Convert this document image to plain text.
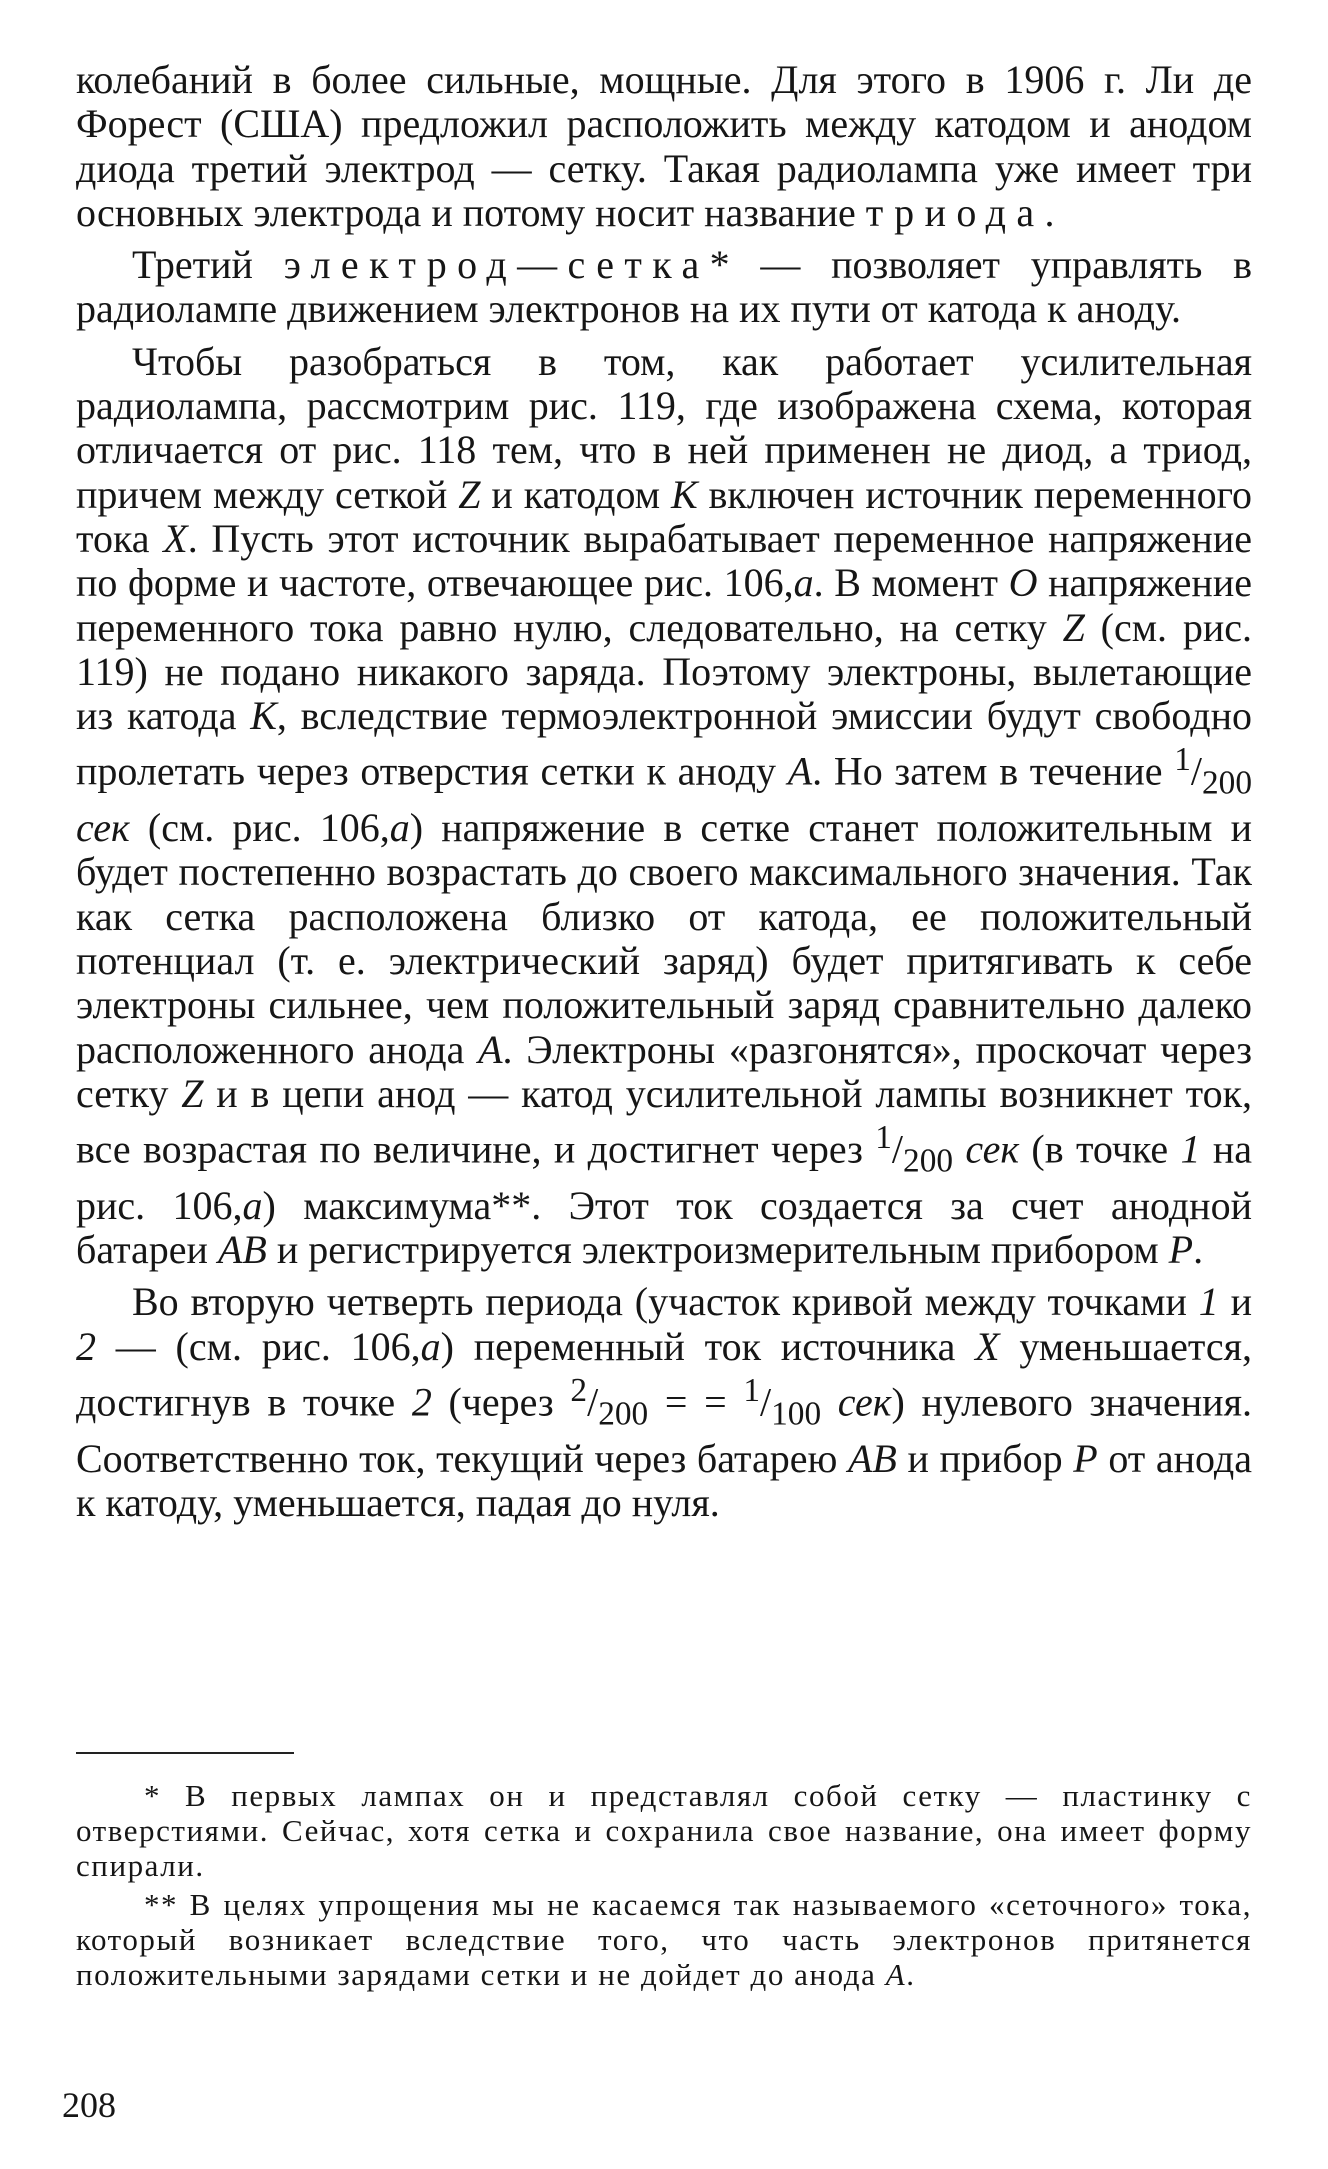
колебаний в более сильные, мощные. Для этого в 1906 г. Ли де Форест (США) предложил расположить между катодом и анодом диода третий электрод — сетку. Такая радиолампа уже имеет три основных электрода и потому носит название триода.

Третий электрод—сетка* — позволяет управлять в радиолампе движением электронов на их пути от катода к аноду.

Чтобы разобраться в том, как работает усилительная радиолампа, рассмотрим рис. 119, где изображена схема, которая отличается от рис. 118 тем, что в ней применен не диод, а триод, причем между сеткой Z и катодом К включен источник переменного тока X. Пусть этот источник вырабатывает переменное напряжение по форме и частоте, отвечающее рис. 106,а. В момент О напряжение переменного тока равно нулю, следовательно, на сетку Z (см. рис. 119) не подано никакого заряда. Поэтому электроны, вылетающие из катода К, вследствие термоэлектронной эмиссии будут свободно пролетать через отверстия сетки к аноду А. Но затем в течение $^1/_{200}$ сек (см. рис. 106,а) напряжение в сетке станет положительным и будет постепенно возрастать до своего максимального значения. Так как сетка расположена близко от катода, ее положительный потенциал (т. е. электрический заряд) будет притягивать к себе электроны сильнее, чем положительный заряд сравнительно далеко расположенного анода А. Электроны «разгонятся», проскочат через сетку Z и в цепи анод — катод усилительной лампы возникнет ток, все возрастая по величине, и достигнет через $^1/_{200}$ сек (в точке 1 на рис. 106,а) максимума**. Этот ток создается за счет анодной батареи АВ и регистрируется электроизмерительным прибором Р.

Во вторую четверть периода (участок кривой между точками 1 и 2 — (см. рис. 106,а) переменный ток источника X уменьшается, достигнув в точке 2 (через $^2/_{200}$ = = $^1/_{100}$ сек) нулевого значения. Соответственно ток, текущий через батарею АВ и прибор Р от анода к катоду, уменьшается, падая до нуля.

* В первых лампах он и представлял собой сетку — пластинку с отверстиями. Сейчас, хотя сетка и сохранила свое название, она имеет форму спирали.

** В целях упрощения мы не касаемся так называемого «сеточного» тока, который возникает вследствие того, что часть электронов притянется положительными зарядами сетки и не дойдет до анода А.

208
